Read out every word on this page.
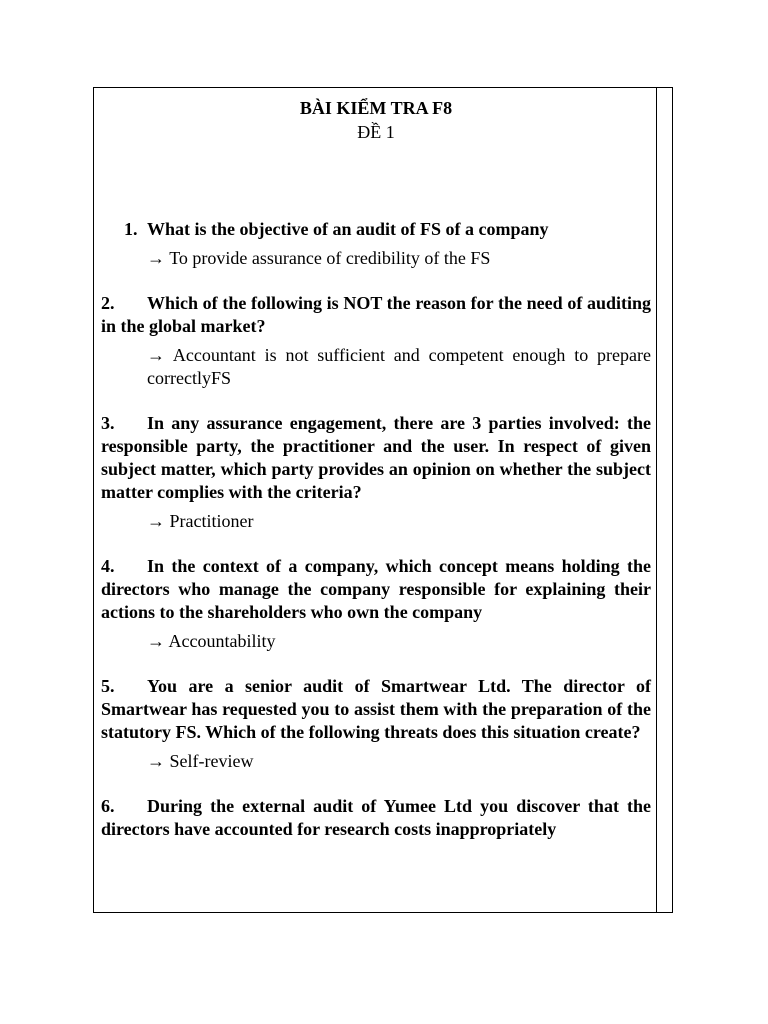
BÀI KIỂM TRA F8

ĐỀ 1

1. What is the objective of an audit of FS of a company

→ To provide assurance of credibility of the FS

2. Which of the following is NOT the reason for the need of auditing in the global market?

→ Accountant is not sufficient and competent enough to prepare correctlyFS

3. In any assurance engagement, there are 3 parties involved: the responsible party, the practitioner and the user. In respect of given subject matter, which party provides an opinion on whether the subject matter complies with the criteria?

→ Practitioner

4. In the context of a company, which concept means holding the directors who manage the company responsible for explaining their actions to the shareholders who own the company

→ Accountability

5. You are a senior audit of Smartwear Ltd. The director of Smartwear has requested you to assist them with the preparation of the statutory FS. Which of the following threats does this situation create?

→ Self-review

6. During the external audit of Yumee Ltd you discover that the directors have accounted for research costs inappropriately
